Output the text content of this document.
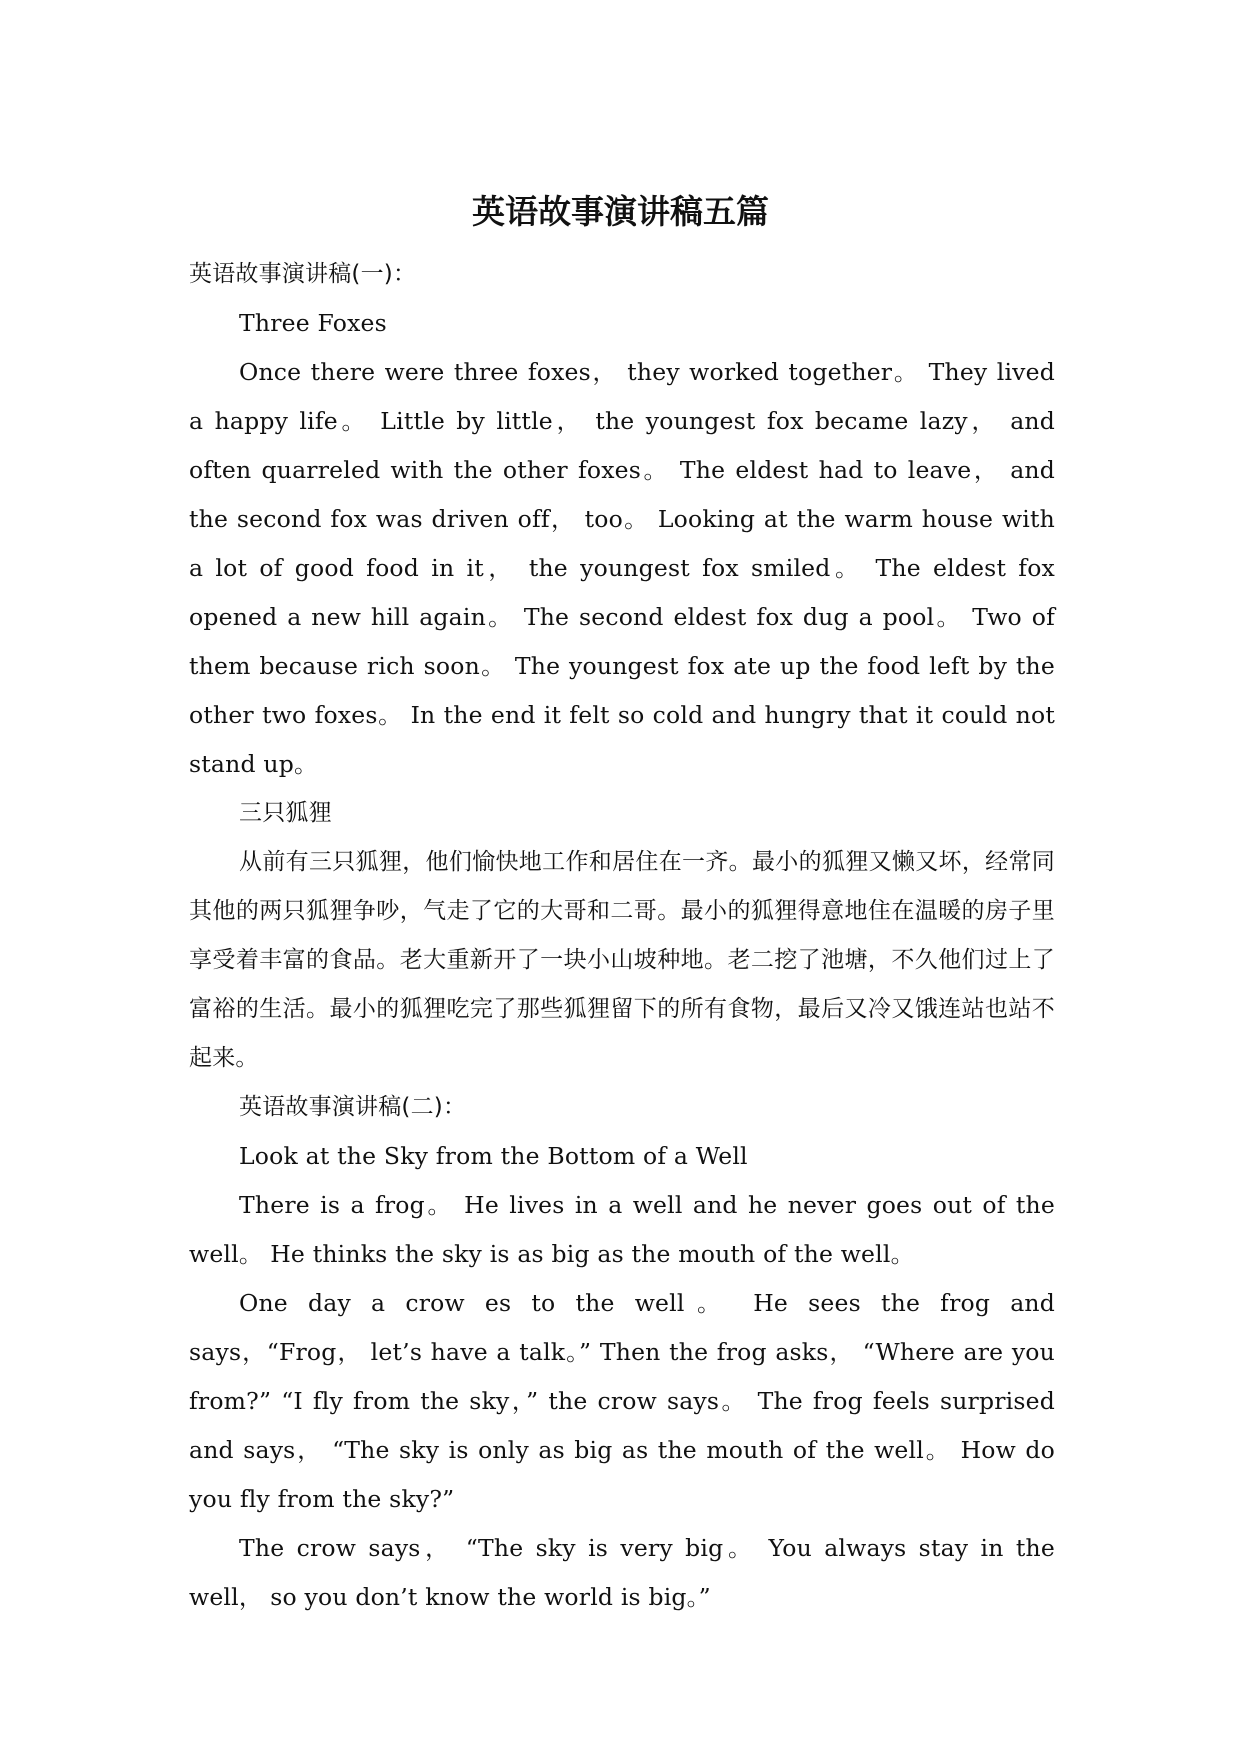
英语故事演讲稿五篇

英语故事演讲稿(一)：

Three Foxes

Once there were three foxes， they worked together。 They lived a happy life。 Little by little， the youngest fox became lazy， and often quarreled with the other foxes。 The eldest had to leave， and the second fox was driven off， too。 Looking at the warm house with a lot of good food in it， the youngest fox smiled。 The eldest fox opened a new hill again。 The second eldest fox dug a pool。 Two of them because rich soon。 The youngest fox ate up the food left by the other two foxes。 In the end it felt so cold and hungry that it could not stand up。

三只狐狸

从前有三只狐狸，他们愉快地工作和居住在一齐。最小的狐狸又懒又坏，经常同其他的两只狐狸争吵，气走了它的大哥和二哥。最小的狐狸得意地住在温暖的房子里享受着丰富的食品。老大重新开了一块小山坡种地。老二挖了池塘，不久他们过上了富裕的生活。最小的狐狸吃完了那些狐狸留下的所有食物，最后又冷又饿连站也站不起来。

英语故事演讲稿(二)：

Look at the Sky from the Bottom of a Well

There is a frog。 He lives in a well and he never goes out of the well。 He thinks the sky is as big as the mouth of the well。

One day a crow es to the well。 He sees the frog and says，“Frog， let’s have a talk。” Then the frog asks， “Where are you from?” “I fly from the sky，” the crow says。 The frog feels surprised and says， “The sky is only as big as the mouth of the well。 How do you fly from the sky?”

The crow says， “The sky is very big。 You always stay in the well， so you don’t know the world is big。”
